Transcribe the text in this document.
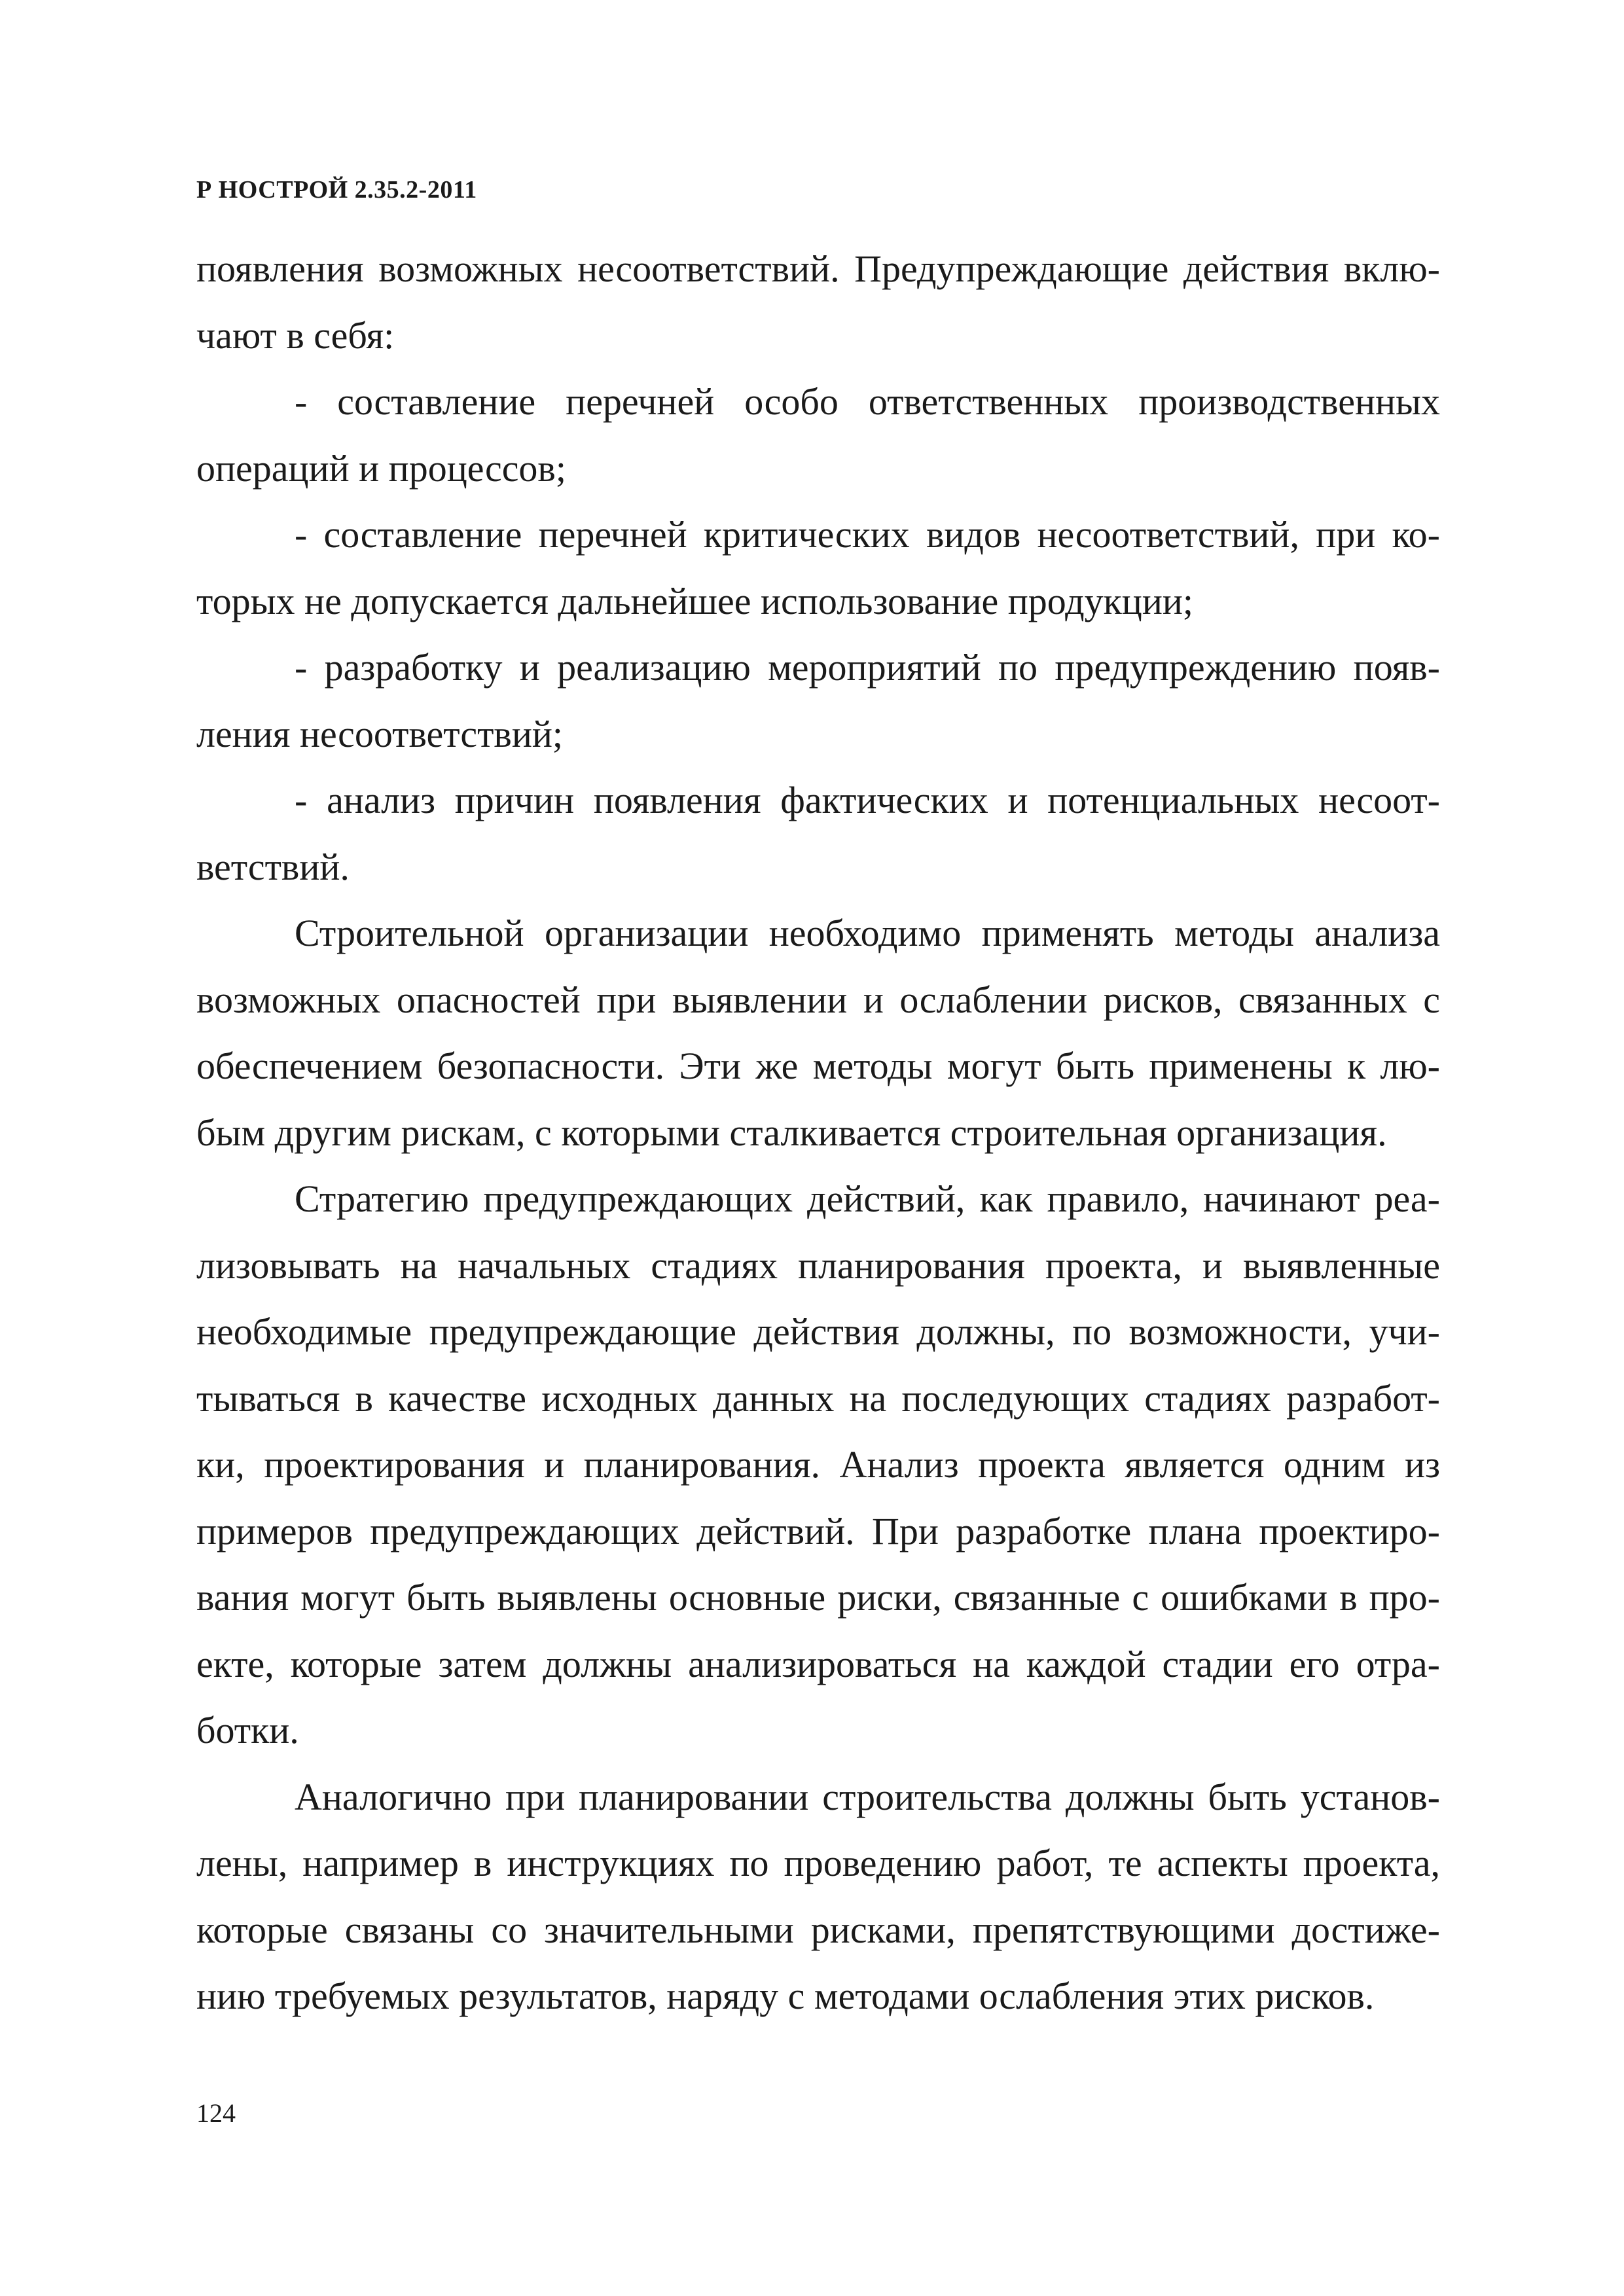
Р НОСТРОЙ 2.35.2-2011

появления возможных несоответствий. Предупреждающие действия вклю-чают в себя:

- составление перечней особо ответственных производственных операций и процессов;

- составление перечней критических видов несоответствий, при ко-торых не допускается дальнейшее использование продукции;

- разработку и реализацию мероприятий по предупреждению появ-ления несоответствий;

- анализ причин появления фактических и потенциальных несоот-ветствий.

Строительной организации необходимо применять методы анализа возможных опасностей при выявлении и ослаблении рисков, связанных с обеспечением безопасности. Эти же методы могут быть применены к лю-бым другим рискам, с которыми сталкивается строительная организация.

Стратегию предупреждающих действий, как правило, начинают реа-лизовывать на начальных стадиях планирования проекта, и выявленные необходимые предупреждающие действия должны, по возможности, учи-тываться в качестве исходных данных на последующих стадиях разработ-ки, проектирования и планирования. Анализ проекта является одним из примеров предупреждающих действий. При разработке плана проектиро-вания могут быть выявлены основные риски, связанные с ошибками в про-екте, которые затем должны анализироваться на каждой стадии его отра-ботки.

Аналогично при планировании строительства должны быть установ-лены, например в инструкциях по проведению работ, те аспекты проекта, которые связаны со значительными рисками, препятствующими достиже-нию требуемых результатов, наряду с методами ослабления этих рисков.

124
